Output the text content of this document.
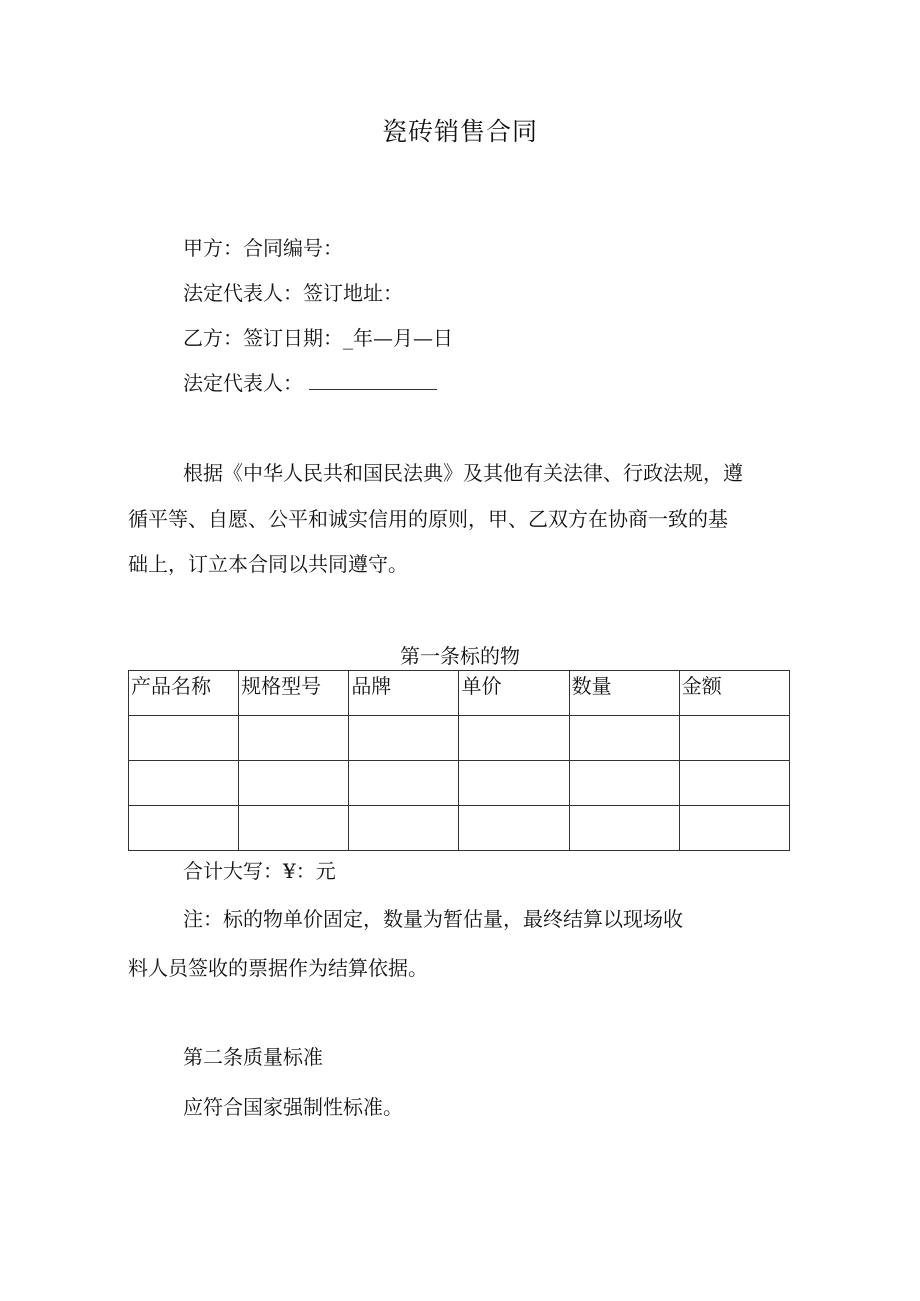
瓷砖销售合同
甲方：合同编号：
法定代表人：签订地址：
乙方：签订日期：_年—月—日
法定代表人：
根据《中华人民共和国民法典》及其他有关法律、行政法规，遵
循平等、自愿、公平和诚实信用的原则，甲、乙双方在协商一致的基
础上，订立本合同以共同遵守。
第一条标的物
产品名称	规格型号	品牌	单价	数量	金额

合计大写：¥：元
注：标的物单价固定，数量为暂估量，最终结算以现场收
料人员签收的票据作为结算依据。
第二条质量标准
应符合国家强制性标准。
